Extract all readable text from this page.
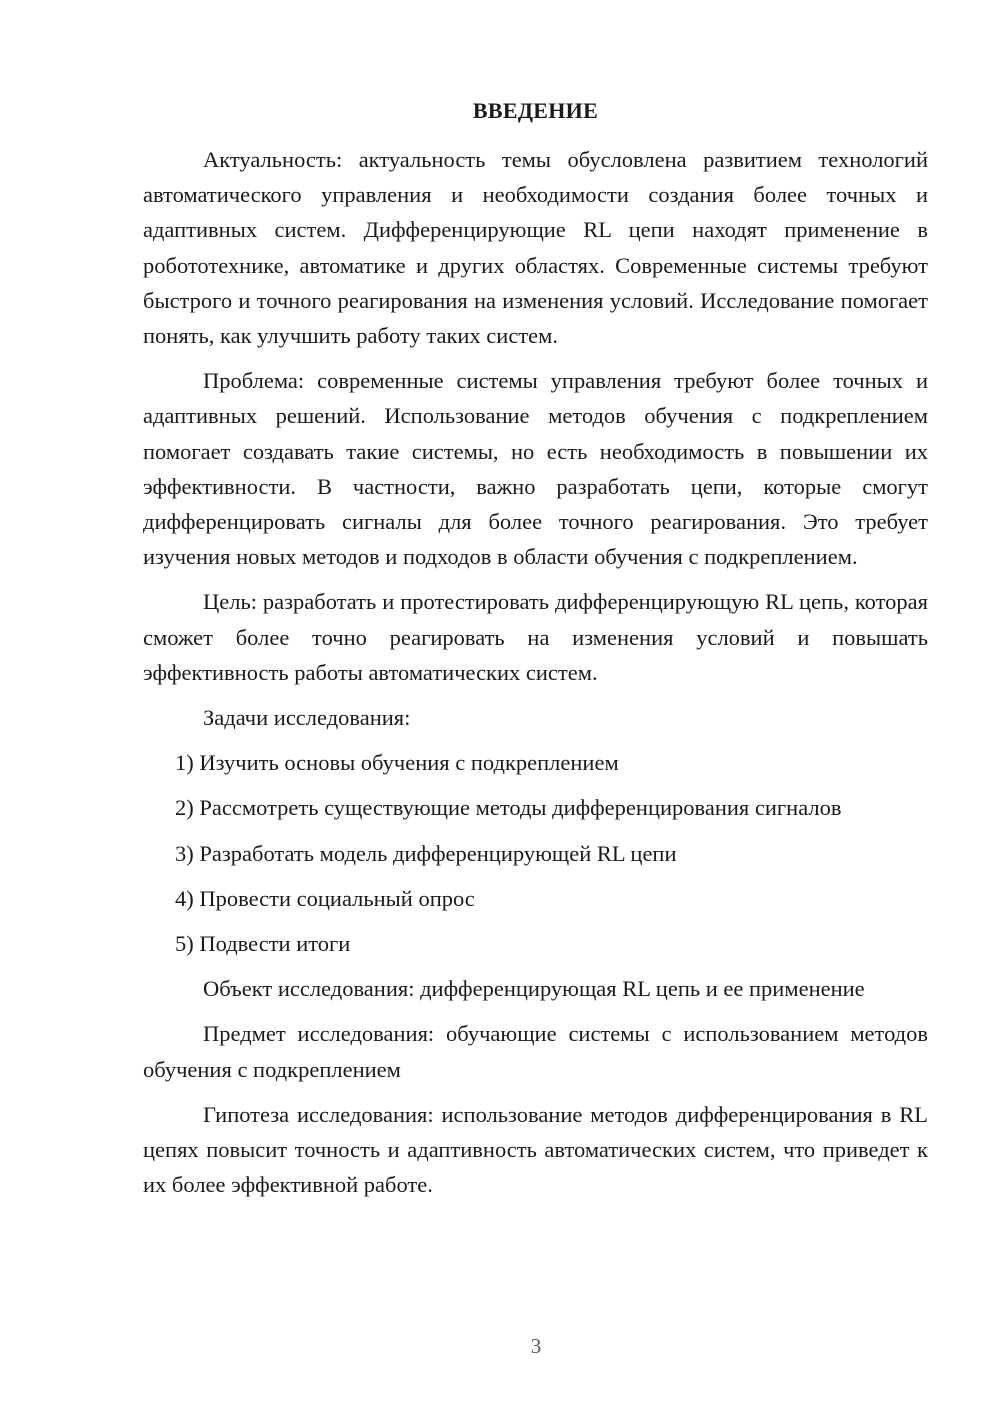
ВВЕДЕНИЕ

Актуальность: актуальность темы обусловлена развитием технологий автоматического управления и необходимости создания более точных и адаптивных систем. Дифференцирующие RL цепи находят применение в робототехнике, автоматике и других областях. Современные системы требуют быстрого и точного реагирования на изменения условий. Исследование помогает понять, как улучшить работу таких систем.

Проблема: современные системы управления требуют более точных и адаптивных решений. Использование методов обучения с подкреплением помогает создавать такие системы, но есть необходимость в повышении их эффективности. В частности, важно разработать цепи, которые смогут дифференцировать сигналы для более точного реагирования. Это требует изучения новых методов и подходов в области обучения с подкреплением.

Цель: разработать и протестировать дифференцирующую RL цепь, которая сможет более точно реагировать на изменения условий и повышать эффективность работы автоматических систем.

Задачи исследования:

1) Изучить основы обучения с подкреплением
2) Рассмотреть существующие методы дифференцирования сигналов
3) Разработать модель дифференцирующей RL цепи
4) Провести социальный опрос
5) Подвести итоги

Объект исследования: дифференцирующая RL цепь и ее применение

Предмет исследования: обучающие системы с использованием методов обучения с подкреплением

Гипотеза исследования: использование методов дифференцирования в RL цепях повысит точность и адаптивность автоматических систем, что приведет к их более эффективной работе.

3
